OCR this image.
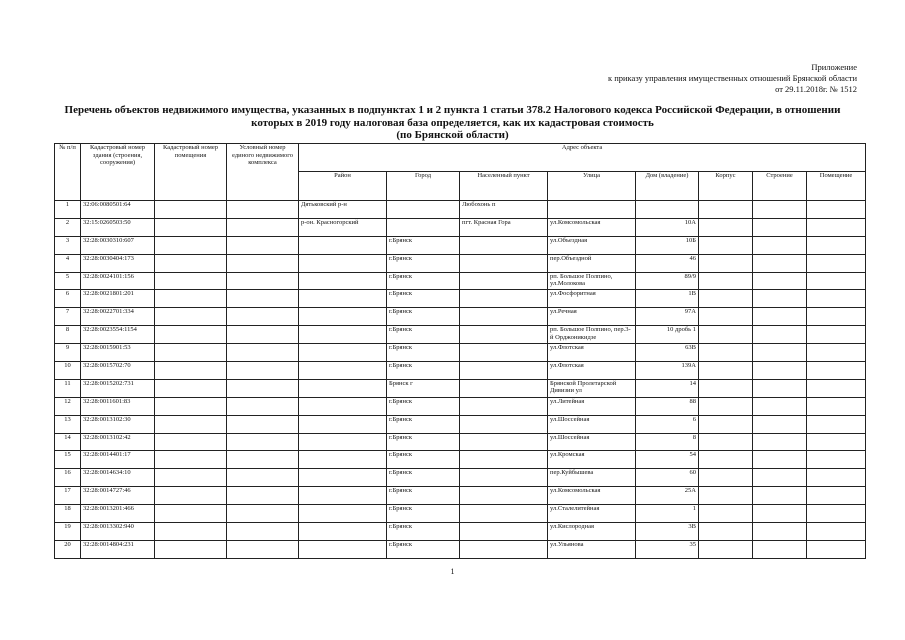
Приложение
к приказу управления имущественных отношений Брянской области
от 29.11.2018г. № 1512
Перечень объектов недвижимого имущества, указанных в подпунктах 1 и 2 пункта 1 статьи 378.2 Налогового кодекса Российской Федерации, в отношении
которых в 2019 году налоговая база определяется, как их кадастровая стоимость
(по Брянской области)
№ п/п	Кадастровый номер здания (строения, сооружения)	Кадастровый номер помещения	Условный номер единого недвижимого комплекса	Адрес объекта							
				Район	Город	Населенный пункт	Улица	Дом (владение)	Корпус	Строение	Помещение
1	32:06:0080501:64			Дятьковский р-н		Любохонь п					
2	32:15:0260503:50			р-он. Красногорский		пгт. Красная Гора	ул.Комсомольская	10А			
3	32:28:0030310:607				г.Брянск		ул.Объездная	10Б			
4	32:28:0030404:173				г.Брянск		пер.Объездной	46			
5	32:28:0024101:156				г.Брянск		рп. Большое Полпино, ул.Молокова	89/9			
6	32:28:0021801:201				г.Брянск		ул.Фосфоритная	1В			
7	32:28:0022701:334				г.Брянск		ул.Речная	97А			
8	32:28:0023554:1154				г.Брянск		рп. Большое Полпино, пер.3-й Орджоникидзе	10 дробь 1			
9	32:28:0015901:53				г.Брянск		ул.Флотская	63В			
10	32:28:0015702:70				г.Брянск		ул.Флотская	139А			
11	32:28:0015202:731				Брянск г		Брянской Пролетарской Дивизии ул	14			
12	32:28:0011601:83				г.Брянск		ул.Литейная	88			
13	32:28:0013102:30				г.Брянск		ул.Шоссейная	6			
14	32:28:0013102:42				г.Брянск		ул.Шоссейная	8			
15	32:28:0014401:17				г.Брянск		ул.Кромская	54			
16	32:28:0014634:10				г.Брянск		пер.Куйбышева	60			
17	32:28:0014727:46				г.Брянск		ул.Комсомольская	25А			
18	32:28:0013201:466				г.Брянск		ул.Сталелитейная	1			
19	32:28:0013302:940				г.Брянск		ул.Кислородная	3В			
20	32:28:0014804:231				г.Брянск		ул.Ульянова	35			
1
